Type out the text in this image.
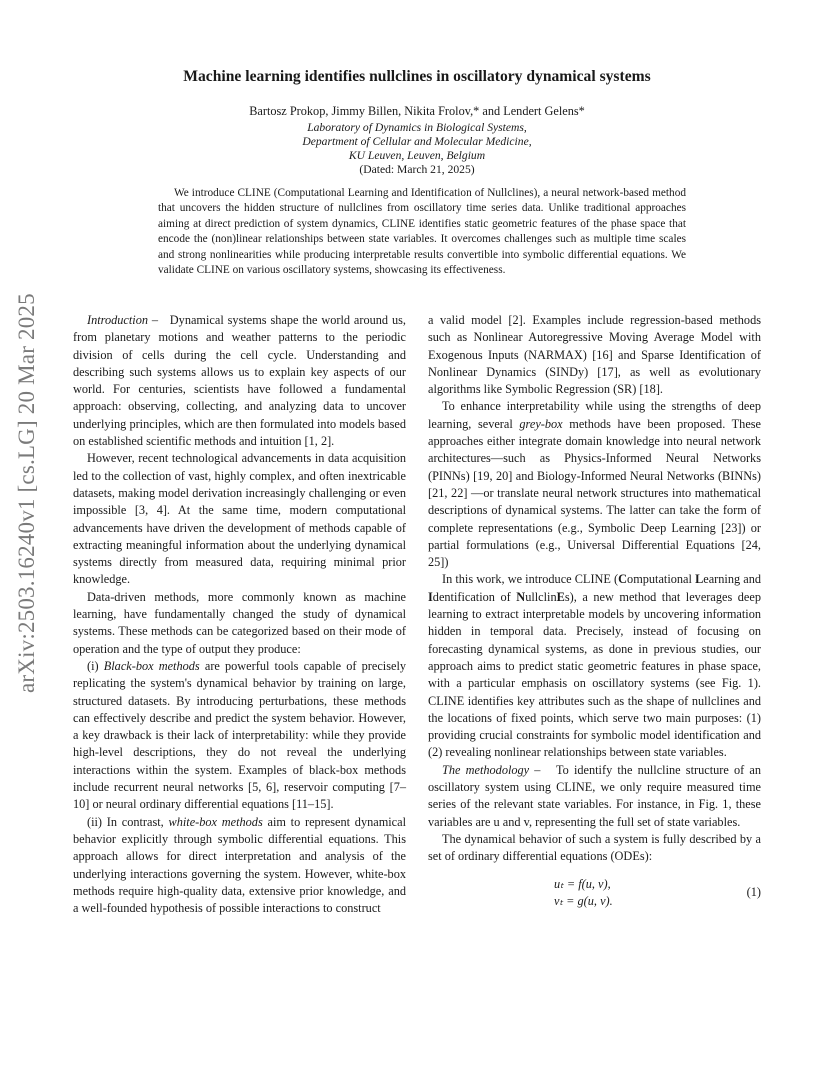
arXiv:2503.16240v1 [cs.LG] 20 Mar 2025
Machine learning identifies nullclines in oscillatory dynamical systems
Bartosz Prokop, Jimmy Billen, Nikita Frolov,* and Lendert Gelens*
Laboratory of Dynamics in Biological Systems,
Department of Cellular and Molecular Medicine,
KU Leuven, Leuven, Belgium
(Dated: March 21, 2025)
We introduce CLINE (Computational Learning and Identification of Nullclines), a neural network-based method that uncovers the hidden structure of nullclines from oscillatory time series data. Unlike traditional approaches aiming at direct prediction of system dynamics, CLINE identifies static geometric features of the phase space that encode the (non)linear relationships between state variables. It overcomes challenges such as multiple time scales and strong nonlinearities while producing interpretable results convertible into symbolic differential equations. We validate CLINE on various oscillatory systems, showcasing its effectiveness.

Introduction – Dynamical systems shape the world around us, from planetary motions and weather patterns to the periodic division of cells during the cell cycle. Understanding and describing such systems allows us to explain key aspects of our world. For centuries, scientists have followed a fundamental approach: observing, collecting, and analyzing data to uncover underlying principles, which are then formulated into models based on established scientific methods and intuition [1, 2].

However, recent technological advancements in data acquisition led to the collection of vast, highly complex, and often inextricable datasets, making model derivation increasingly challenging or even impossible [3, 4]. At the same time, modern computational advancements have driven the development of methods capable of extracting meaningful information about the underlying dynamical systems directly from measured data, requiring minimal prior knowledge.

Data-driven methods, more commonly known as machine learning, have fundamentally changed the study of dynamical systems. These methods can be categorized based on their mode of operation and the type of output they produce:

(i) Black-box methods are powerful tools capable of precisely replicating the system's dynamical behavior by training on large, structured datasets. By introducing perturbations, these methods can effectively describe and predict the system behavior. However, a key drawback is their lack of interpretability: while they provide high-level descriptions, they do not reveal the underlying interactions within the system. Examples of black-box methods include recurrent neural networks [5, 6], reservoir computing [7–10] or neural ordinary differential equations [11–15].

(ii) In contrast, white-box methods aim to represent dynamical behavior explicitly through symbolic differential equations. This approach allows for direct interpretation and analysis of the underlying interactions governing the system. However, white-box methods require high-quality data, extensive prior knowledge, and a well-founded hypothesis of possible interactions to construct

a valid model [2]. Examples include regression-based methods such as Nonlinear Autoregressive Moving Average Model with Exogenous Inputs (NARMAX) [16] and Sparse Identification of Nonlinear Dynamics (SINDy) [17], as well as evolutionary algorithms like Symbolic Regression (SR) [18].

To enhance interpretability while using the strengths of deep learning, several grey-box methods have been proposed. These approaches either integrate domain knowledge into neural network architectures—such as Physics-Informed Neural Networks (PINNs) [19, 20] and Biology-Informed Neural Networks (BINNs) [21, 22] —or translate neural network structures into mathematical descriptions of dynamical systems. The latter can take the form of complete representations (e.g., Symbolic Deep Learning [23]) or partial formulations (e.g., Universal Differential Equations [24, 25])

In this work, we introduce CLINE (Computational Learning and Identification of NullclinEs), a new method that leverages deep learning to extract interpretable models by uncovering information hidden in temporal data. Precisely, instead of focusing on forecasting dynamical systems, as done in previous studies, our approach aims to predict static geometric features in phase space, with a particular emphasis on oscillatory systems (see Fig. 1). CLINE identifies key attributes such as the shape of nullclines and the locations of fixed points, which serve two main purposes: (1) providing crucial constraints for symbolic model identification and (2) revealing nonlinear relationships between state variables.

The methodology – To identify the nullcline structure of an oscillatory system using CLINE, we only require measured time series of the relevant state variables. For instance, in Fig. 1, these variables are u and v, representing the full set of state variables.

The dynamical behavior of such a system is fully described by a set of ordinary differential equations (ODEs):

uₜ = f(u, v),
vₜ = g(u, v).
(1)
